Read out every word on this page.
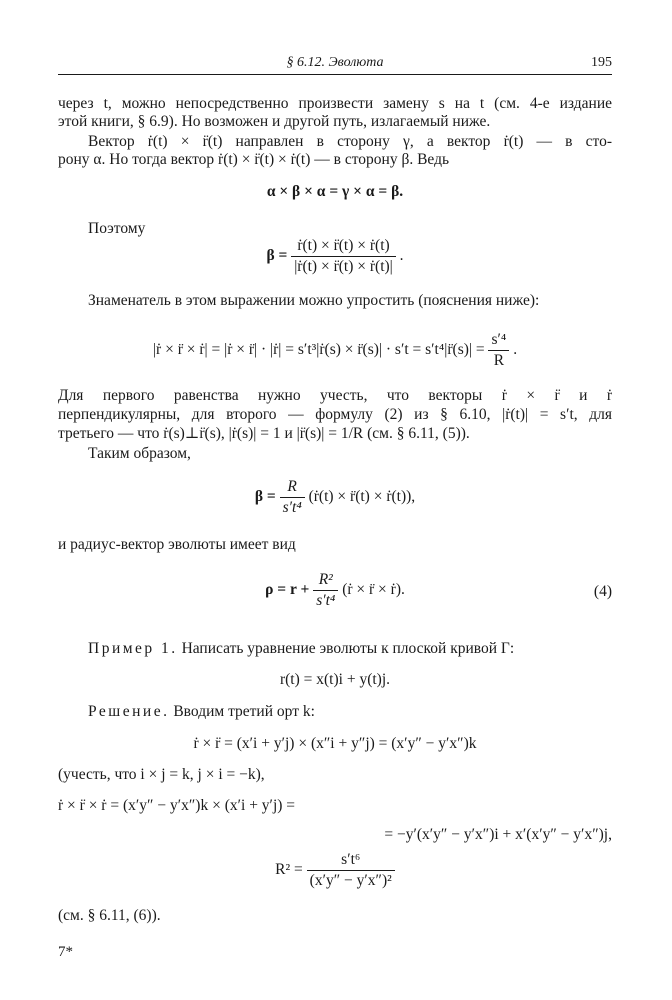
§ 6.12. Эволюта	195
через t, можно непосредственно произвести замену s на t (см. 4-е издание
этой книги, § 6.9). Но возможен и другой путь, излагаемый ниже.
Вектор ṙ(t) × r̈(t) направлен в сторону γ, а вектор ṙ(t) — в сто-
рону α. Но тогда вектор ṙ(t) × r̈(t) × ṙ(t) — в сторону β. Ведь
α × β × α = γ × α = β.
Поэтому
$\beta = \frac{\text{ṙ(t) × r̈(t) × ṙ(t)}}{\text{|ṙ(t) × r̈(t) × ṙ(t)|}}$ .
Знаменатель в этом выражении можно упростить (пояснения ниже):
|ṙ × r̈ × ṙ| = |ṙ × r̈| · |ṙ| = s′t³|ṙ(s) × r̈(s)| · s′t = s′t⁴|r̈(s)| = $\frac{\text{s′⁴}}{R}$ .
Для первого равенства нужно учесть, что векторы ṙ × r̈ и ṙ
перпендикулярны, для второго — формулу (2) из § 6.10, |ṙ(t)| = s′t, для
третьего — что ṙ(s)⊥r̈(s), |ṙ(s)| = 1 и |r̈(s)| = 1/R (см. § 6.11, (5)).
Таким образом,
$\beta = \frac{R}{\text{s′t⁴}}$ (ṙ(t) × r̈(t) × ṙ(t)),
и радиус-вектор эволюты имеет вид
$\rho = r + \frac{\text{R²}}{\text{s′t⁴}}$ (ṙ × r̈ × ṙ).	(4)
Пример 1. Написать уравнение эволюты к плоской кривой Γ:
r(t) = x(t)i + y(t)j.
Решение. Вводим третий орт k:
ṙ × r̈ = (x′i + y′j) × (x″i + y″j) = (x′y″ − y′x″)k
(учесть, что i × j = k, j × i = −k),
ṙ × r̈ × ṙ = (x′y″ − y′x″)k × (x′i + y′j) =
= −y′(x′y″ − y′x″)i + x′(x′y″ − y′x″)j,
$R^2 = \frac{\text{s′t⁶}}{\text{(x′y″ − y′x″)²}}$
(см. § 6.11, (6)).
7*
